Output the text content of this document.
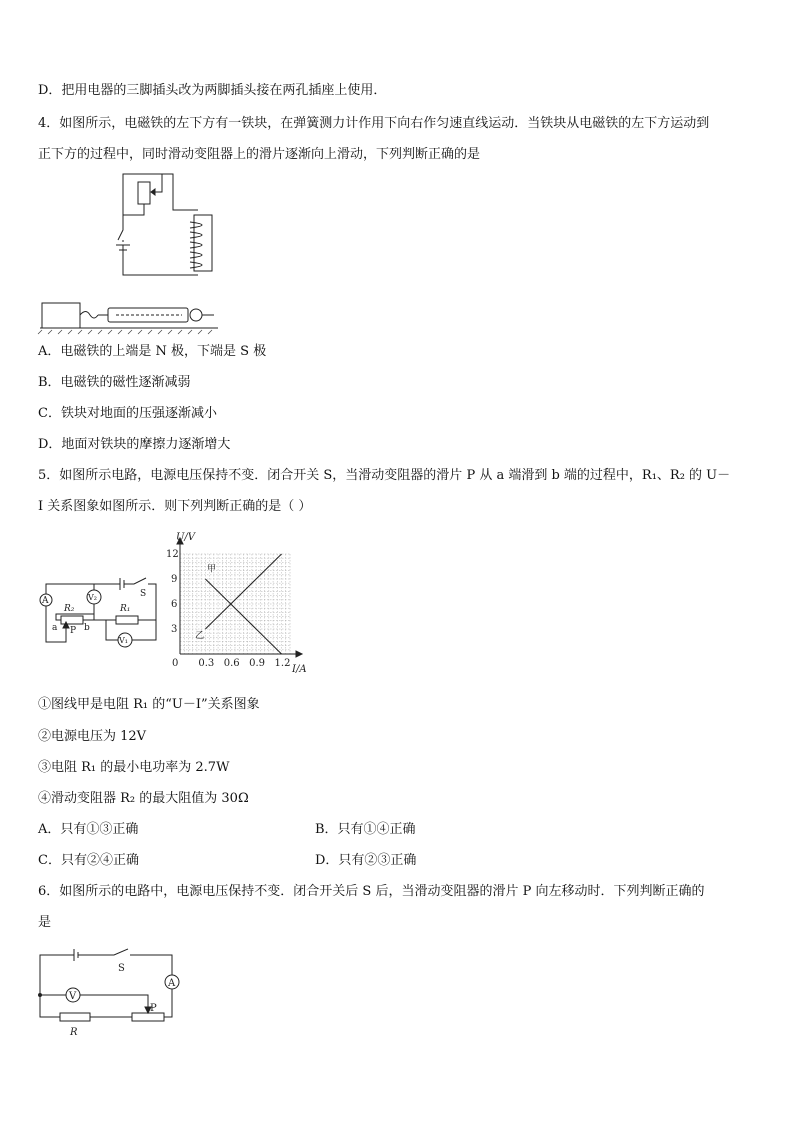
D．把用电器的三脚插头改为两脚插头接在两孔插座上使用．
4．如图所示，电磁铁的左下方有一铁块，在弹簧测力计作用下向右作匀速直线运动．当铁块从电磁铁的左下方运动到
正下方的过程中，同时滑动变阻器上的滑片逐渐向上滑动，下列判断正确的是
A．电磁铁的上端是 N 极，下端是 S 极
B．电磁铁的磁性逐渐减弱
C．铁块对地面的压强逐渐减小
D．地面对铁块的摩擦力逐渐增大
5．如图所示电路，电源电压保持不变．闭合开关 S，当滑动变阻器的滑片 P 从 a 端滑到 b 端的过程中，R₁、R₂ 的 U－
I 关系图象如图所示．则下列判断正确的是（ ）
A	V₂
V₁
S
R₂	R₁
a	b
P
0 0.3 0.6 0.9 1.2
3
6
9
12
U/V
I/A
甲
乙
①图线甲是电阻 R₁ 的“U－I”关系图象
②电源电压为 12V
③电阻 R₁ 的最小电功率为 2.7W
④滑动变阻器 R₂ 的最大阻值为 30Ω
A．只有①③正确	B．只有①④正确
C．只有②④正确	D．只有②③正确
6．如图所示的电路中，电源电压保持不变．闭合开关后 S 后，当滑动变阻器的滑片 P 向左移动时．下列判断正确的
是
S
A
V
P
R
